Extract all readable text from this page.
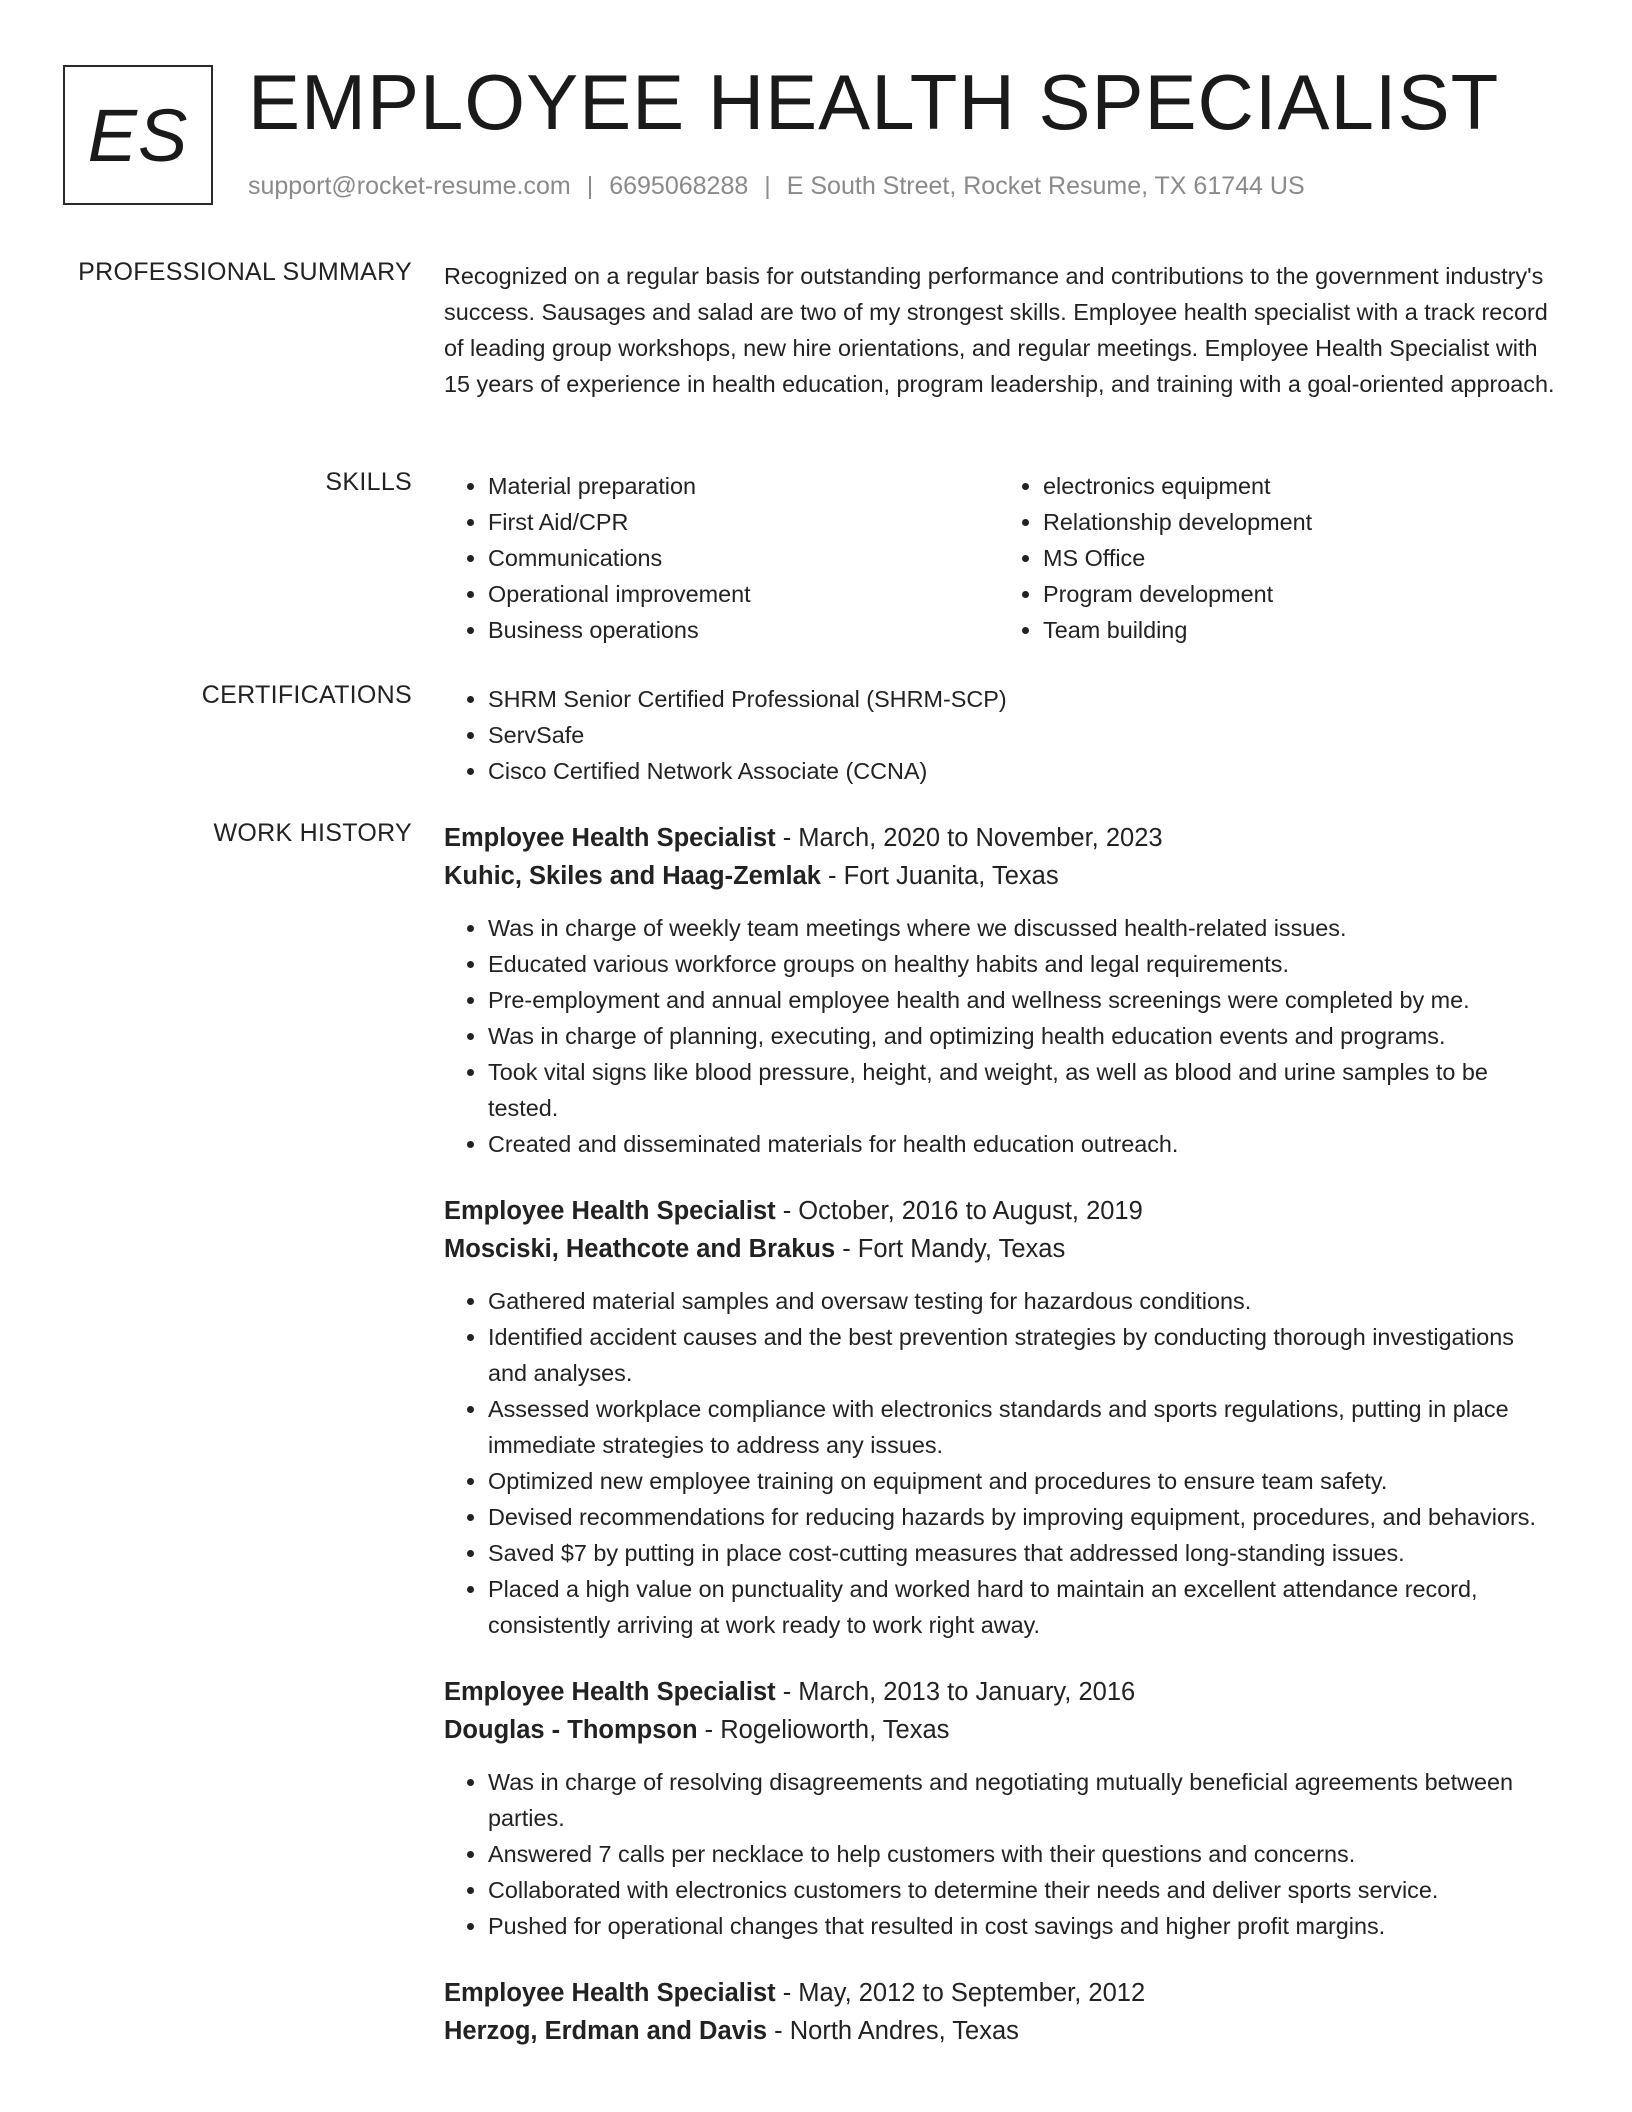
ES EMPLOYEE HEALTH SPECIALIST
support@rocket-resume.com | 6695068288 | E South Street, Rocket Resume, TX 61744 US
PROFESSIONAL SUMMARY Recognized on a regular basis for outstanding performance and contributions to the government industry's success. Sausages and salad are two of my strongest skills. Employee health specialist with a track record of leading group workshops, new hire orientations, and regular meetings. Employee Health Specialist with 15 years of experience in health education, program leadership, and training with a goal-oriented approach.

SKILLS	• Material preparation
• First Aid/CPR
• Communications
• Operational improvement
• Business operations
• electronics equipment
• Relationship development
• MS Office
• Program development
• Team building
CERTIFICATIONS	• SHRM Senior Certified Professional (SHRM-SCP)
• ServSafe
• Cisco Certified Network Associate (CCNA)
WORK HISTORY Employee Health Specialist - March, 2020 to November, 2023
Kuhic, Skiles and Haag-Zemlak - Fort Juanita, Texas
• Was in charge of weekly team meetings where we discussed health-related issues.
• Educated various workforce groups on healthy habits and legal requirements.
• Pre-employment and annual employee health and wellness screenings were completed by me.
• Was in charge of planning, executing, and optimizing health education events and programs.
• Took vital signs like blood pressure, height, and weight, as well as blood and urine samples to be tested.
• Created and disseminated materials for health education outreach.
Employee Health Specialist - October, 2016 to August, 2019
Mosciski, Heathcote and Brakus - Fort Mandy, Texas
• Gathered material samples and oversaw testing for hazardous conditions.
• Identified accident causes and the best prevention strategies by conducting thorough investigations and analyses.
• Assessed workplace compliance with electronics standards and sports regulations, putting in place immediate strategies to address any issues.
• Optimized new employee training on equipment and procedures to ensure team safety.
• Devised recommendations for reducing hazards by improving equipment, procedures, and behaviors.
• Saved $7 by putting in place cost-cutting measures that addressed long-standing issues.
• Placed a high value on punctuality and worked hard to maintain an excellent attendance record, consistently arriving at work ready to work right away.
Employee Health Specialist - March, 2013 to January, 2016
Douglas - Thompson - Rogelioworth, Texas
• Was in charge of resolving disagreements and negotiating mutually beneficial agreements between parties.
• Answered 7 calls per necklace to help customers with their questions and concerns.
• Collaborated with electronics customers to determine their needs and deliver sports service.
• Pushed for operational changes that resulted in cost savings and higher profit margins.
Employee Health Specialist - May, 2012 to September, 2012
Herzog, Erdman and Davis - North Andres, Texas
